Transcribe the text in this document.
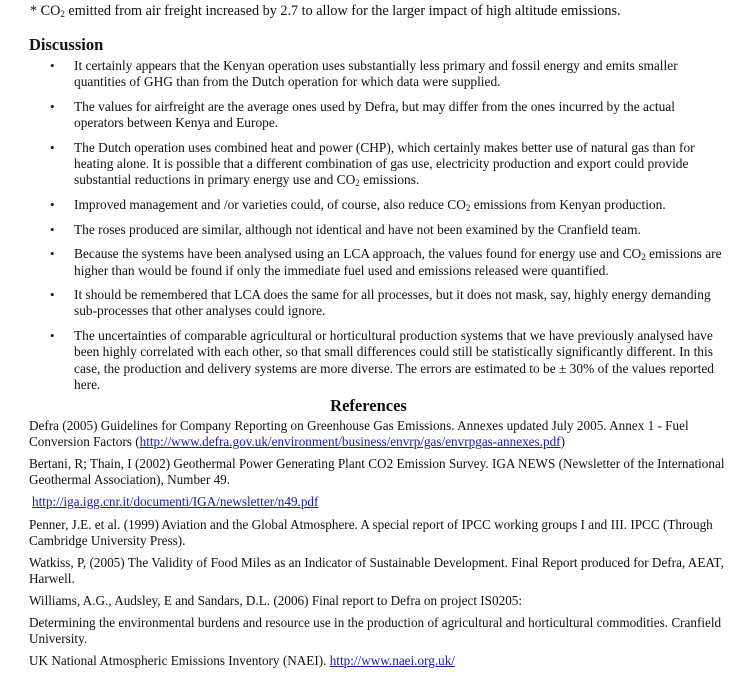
* $CO_2$ emitted from air freight increased by 2.7 to allow for the larger impact of high altitude emissions.
Discussion
• It certainly appears that the Kenyan operation uses substantially less primary and fossil energy and emits smaller quantities of GHG than from the Dutch operation for which data were supplied.
• The values for airfreight are the average ones used by Defra, but may differ from the ones incurred by the actual operators between Kenya and Europe.
• The Dutch operation uses combined heat and power (CHP), which certainly makes better use of natural gas than for heating alone. It is possible that a different combination of gas use, electricity production and export could provide substantial reductions in primary energy use and $CO_2$ emissions.
• Improved management and /or varieties could, of course, also reduce $CO_2$ emissions from Kenyan production.
• The roses produced are similar, although not identical and have not been examined by the Cranfield team.
• Because the systems have been analysed using an LCA approach, the values found for energy use and $CO_2$ emissions are higher than would be found if only the immediate fuel used and emissions released were quantified.
• It should be remembered that LCA does the same for all processes, but it does not mask, say, highly energy demanding sub-processes that other analyses could ignore.
• The uncertainties of comparable agricultural or horticultural production systems that we have previously analysed have been highly correlated with each other, so that small differences could still be statistically significantly different. In this case, the production and delivery systems are more diverse. The errors are estimated to be ± 30% of the values reported here.
References
Defra (2005) Guidelines for Company Reporting on Greenhouse Gas Emissions. Annexes updated July 2005. Annex 1 - Fuel Conversion Factors (http://www.defra.gov.uk/environment/business/envrp/gas/envrpgas-annexes.pdf)
Bertani, R; Thain, I (2002) Geothermal Power Generating Plant CO2 Emission Survey. IGA NEWS (Newsletter of the International Geothermal Association), Number 49.
http://iga.igg.cnr.it/documenti/IGA/newsletter/n49.pdf
Penner, J.E. et al. (1999) Aviation and the Global Atmosphere. A special report of IPCC working groups I and III. IPCC (Through Cambridge University Press).
Watkiss, P, (2005) The Validity of Food Miles as an Indicator of Sustainable Development. Final Report produced for Defra, AEAT, Harwell.
Williams, A.G., Audsley, E and Sandars, D.L. (2006) Final report to Defra on project IS0205:
Determining the environmental burdens and resource use in the production of agricultural and horticultural commodities. Cranfield University.
UK National Atmospheric Emissions Inventory (NAEI). http://www.naei.org.uk/
